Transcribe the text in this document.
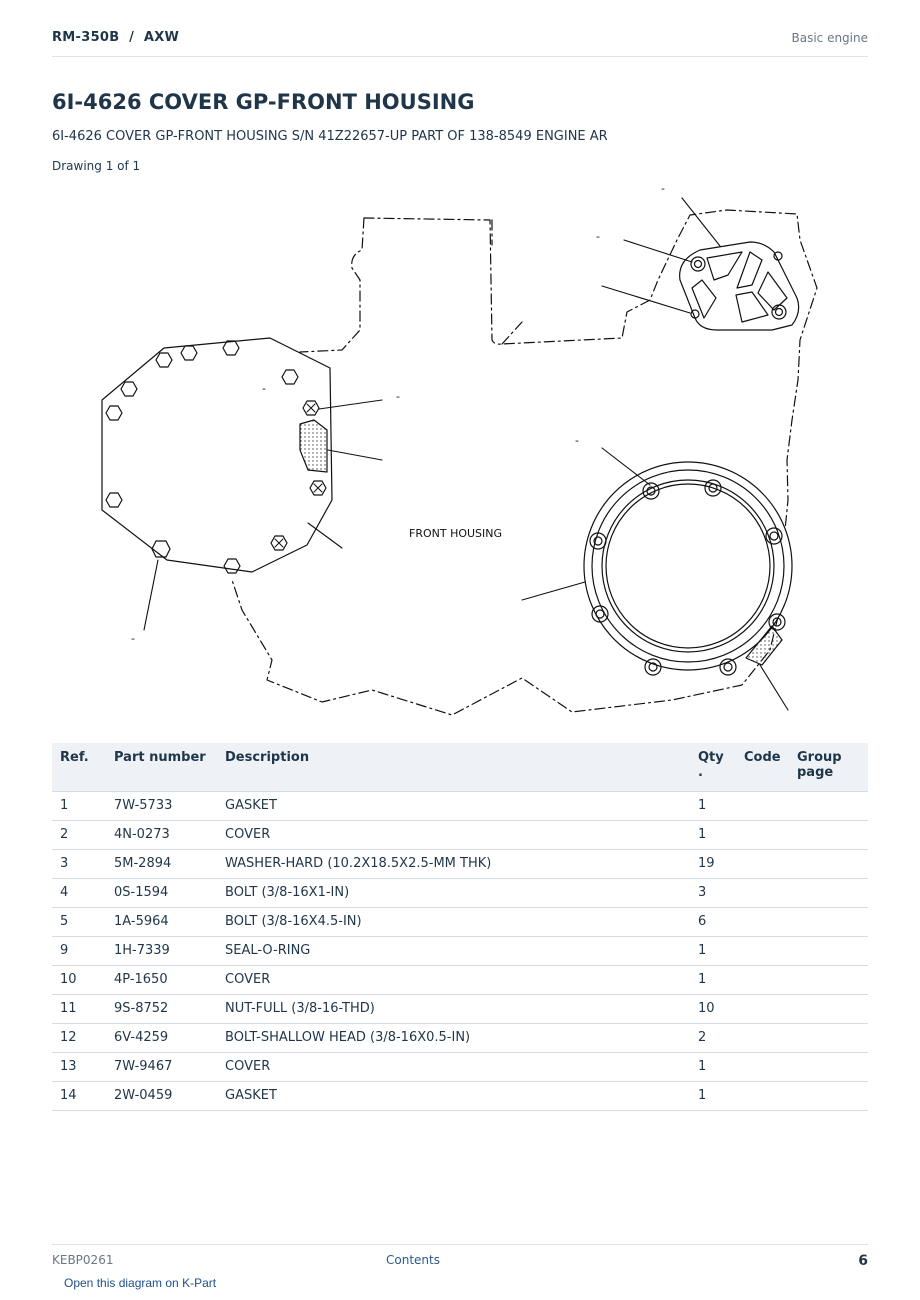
RM-350B  /  AXW	Basic engine
6I-4626 COVER GP-FRONT HOUSING
6I-4626 COVER GP-FRONT HOUSING S/N 41Z22657-UP PART OF 138-8549 ENGINE AR
Drawing 1 of 1
FRONT HOUSING
-
-
-
-
-
-
Ref.	Part number	Description	Qty .	Code	Group page
1	7W-5733	GASKET	1		
2	4N-0273	COVER	1		
3	5M-2894	WASHER-HARD (10.2X18.5X2.5-MM THK)	19		
4	0S-1594	BOLT (3/8-16X1-IN)	3		
5	1A-5964	BOLT (3/8-16X4.5-IN)	6		
9	1H-7339	SEAL-O-RING	1		
10	4P-1650	COVER	1		
11	9S-8752	NUT-FULL (3/8-16-THD)	10		
12	6V-4259	BOLT-SHALLOW HEAD (3/8-16X0.5-IN)	2		
13	7W-9467	COVER	1		
14	2W-0459	GASKET	1		
KEBP0261	Contents	6
Open this diagram on K-Part
